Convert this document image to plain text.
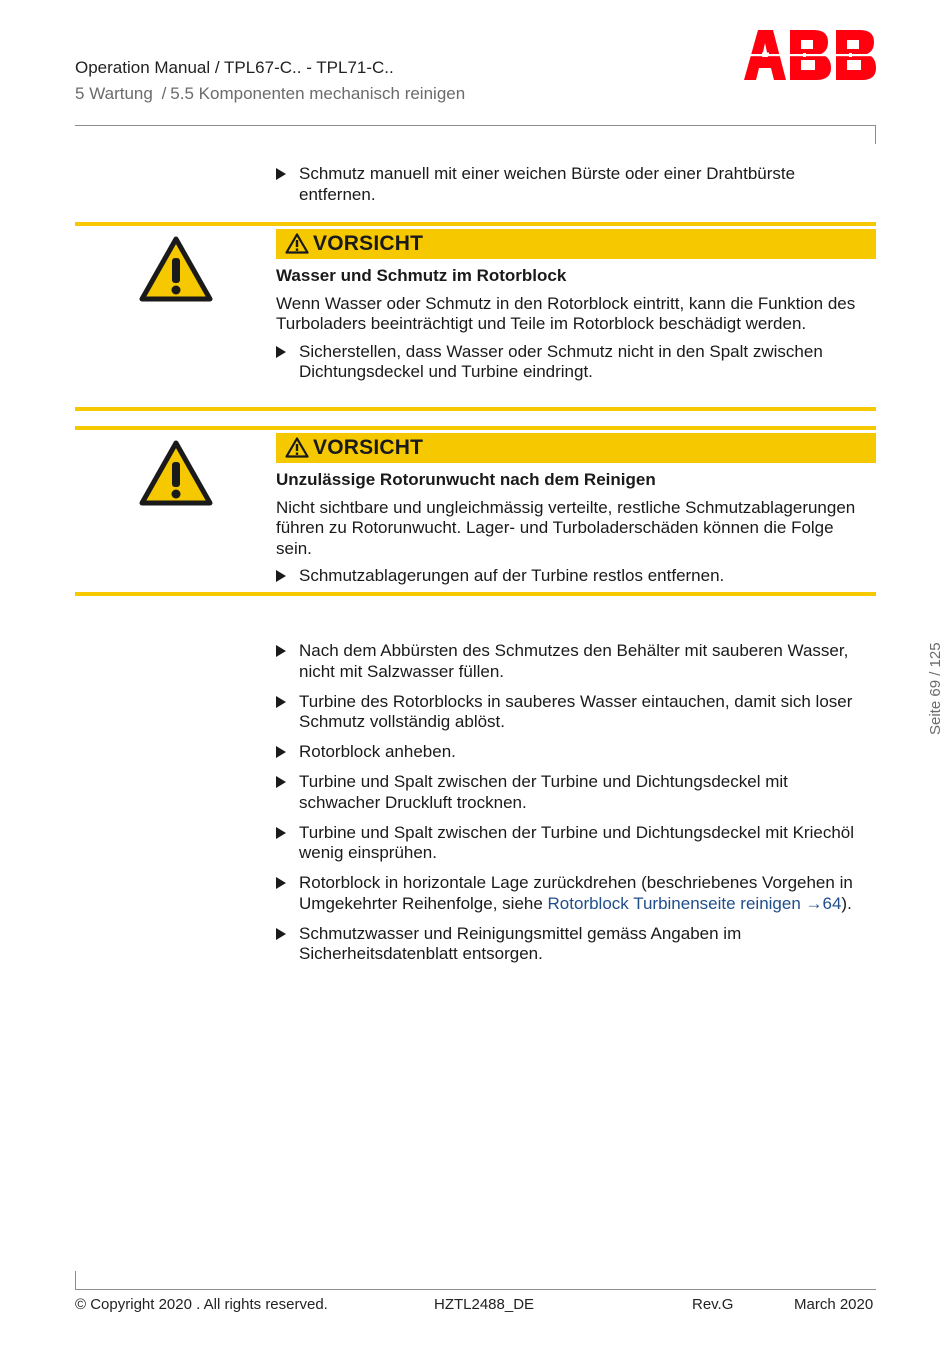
Operation Manual / TPL67-C.. - TPL71-C..
5 Wartung / 5.5 Komponenten mechanisch reinigen
Schmutz manuell mit einer weichen Bürste oder einer Drahtbürste entfernen.
VORSICHT
Wasser und Schmutz im Rotorblock
Wenn Wasser oder Schmutz in den Rotorblock eintritt, kann die Funktion des Turboladers beeinträchtigt und Teile im Rotorblock beschädigt werden.
Sicherstellen, dass Wasser oder Schmutz nicht in den Spalt zwischen Dichtungsdeckel und Turbine eindringt.
VORSICHT
Unzulässige Rotorunwucht nach dem Reinigen
Nicht sichtbare und ungleichmässig verteilte, restliche Schmutzablagerungen führen zu Rotorunwucht. Lager- und Turboladerschäden können die Folge sein.
Schmutzablagerungen auf der Turbine restlos entfernen.
Nach dem Abbürsten des Schmutzes den Behälter mit sauberen Wasser, nicht mit Salzwasser füllen.
Turbine des Rotorblocks in sauberes Wasser eintauchen, damit sich loser Schmutz vollständig ablöst.
Rotorblock anheben.
Turbine und Spalt zwischen der Turbine und Dichtungsdeckel mit schwacher Druckluft trocknen.
Turbine und Spalt zwischen der Turbine und Dichtungsdeckel mit Kriechöl wenig einsprühen.
Rotorblock in horizontale Lage zurückdrehen (beschriebenes Vorgehen in Umgekehrter Reihenfolge, siehe Rotorblock Turbinenseite reinigen →64).
Schmutzwasser und Reinigungsmittel gemäss Angaben im Sicherheitsdatenblatt entsorgen.
Seite 69 / 125
© Copyright 2020 . All rights reserved.	HZTL2488_DE	Rev.G	March 2020
